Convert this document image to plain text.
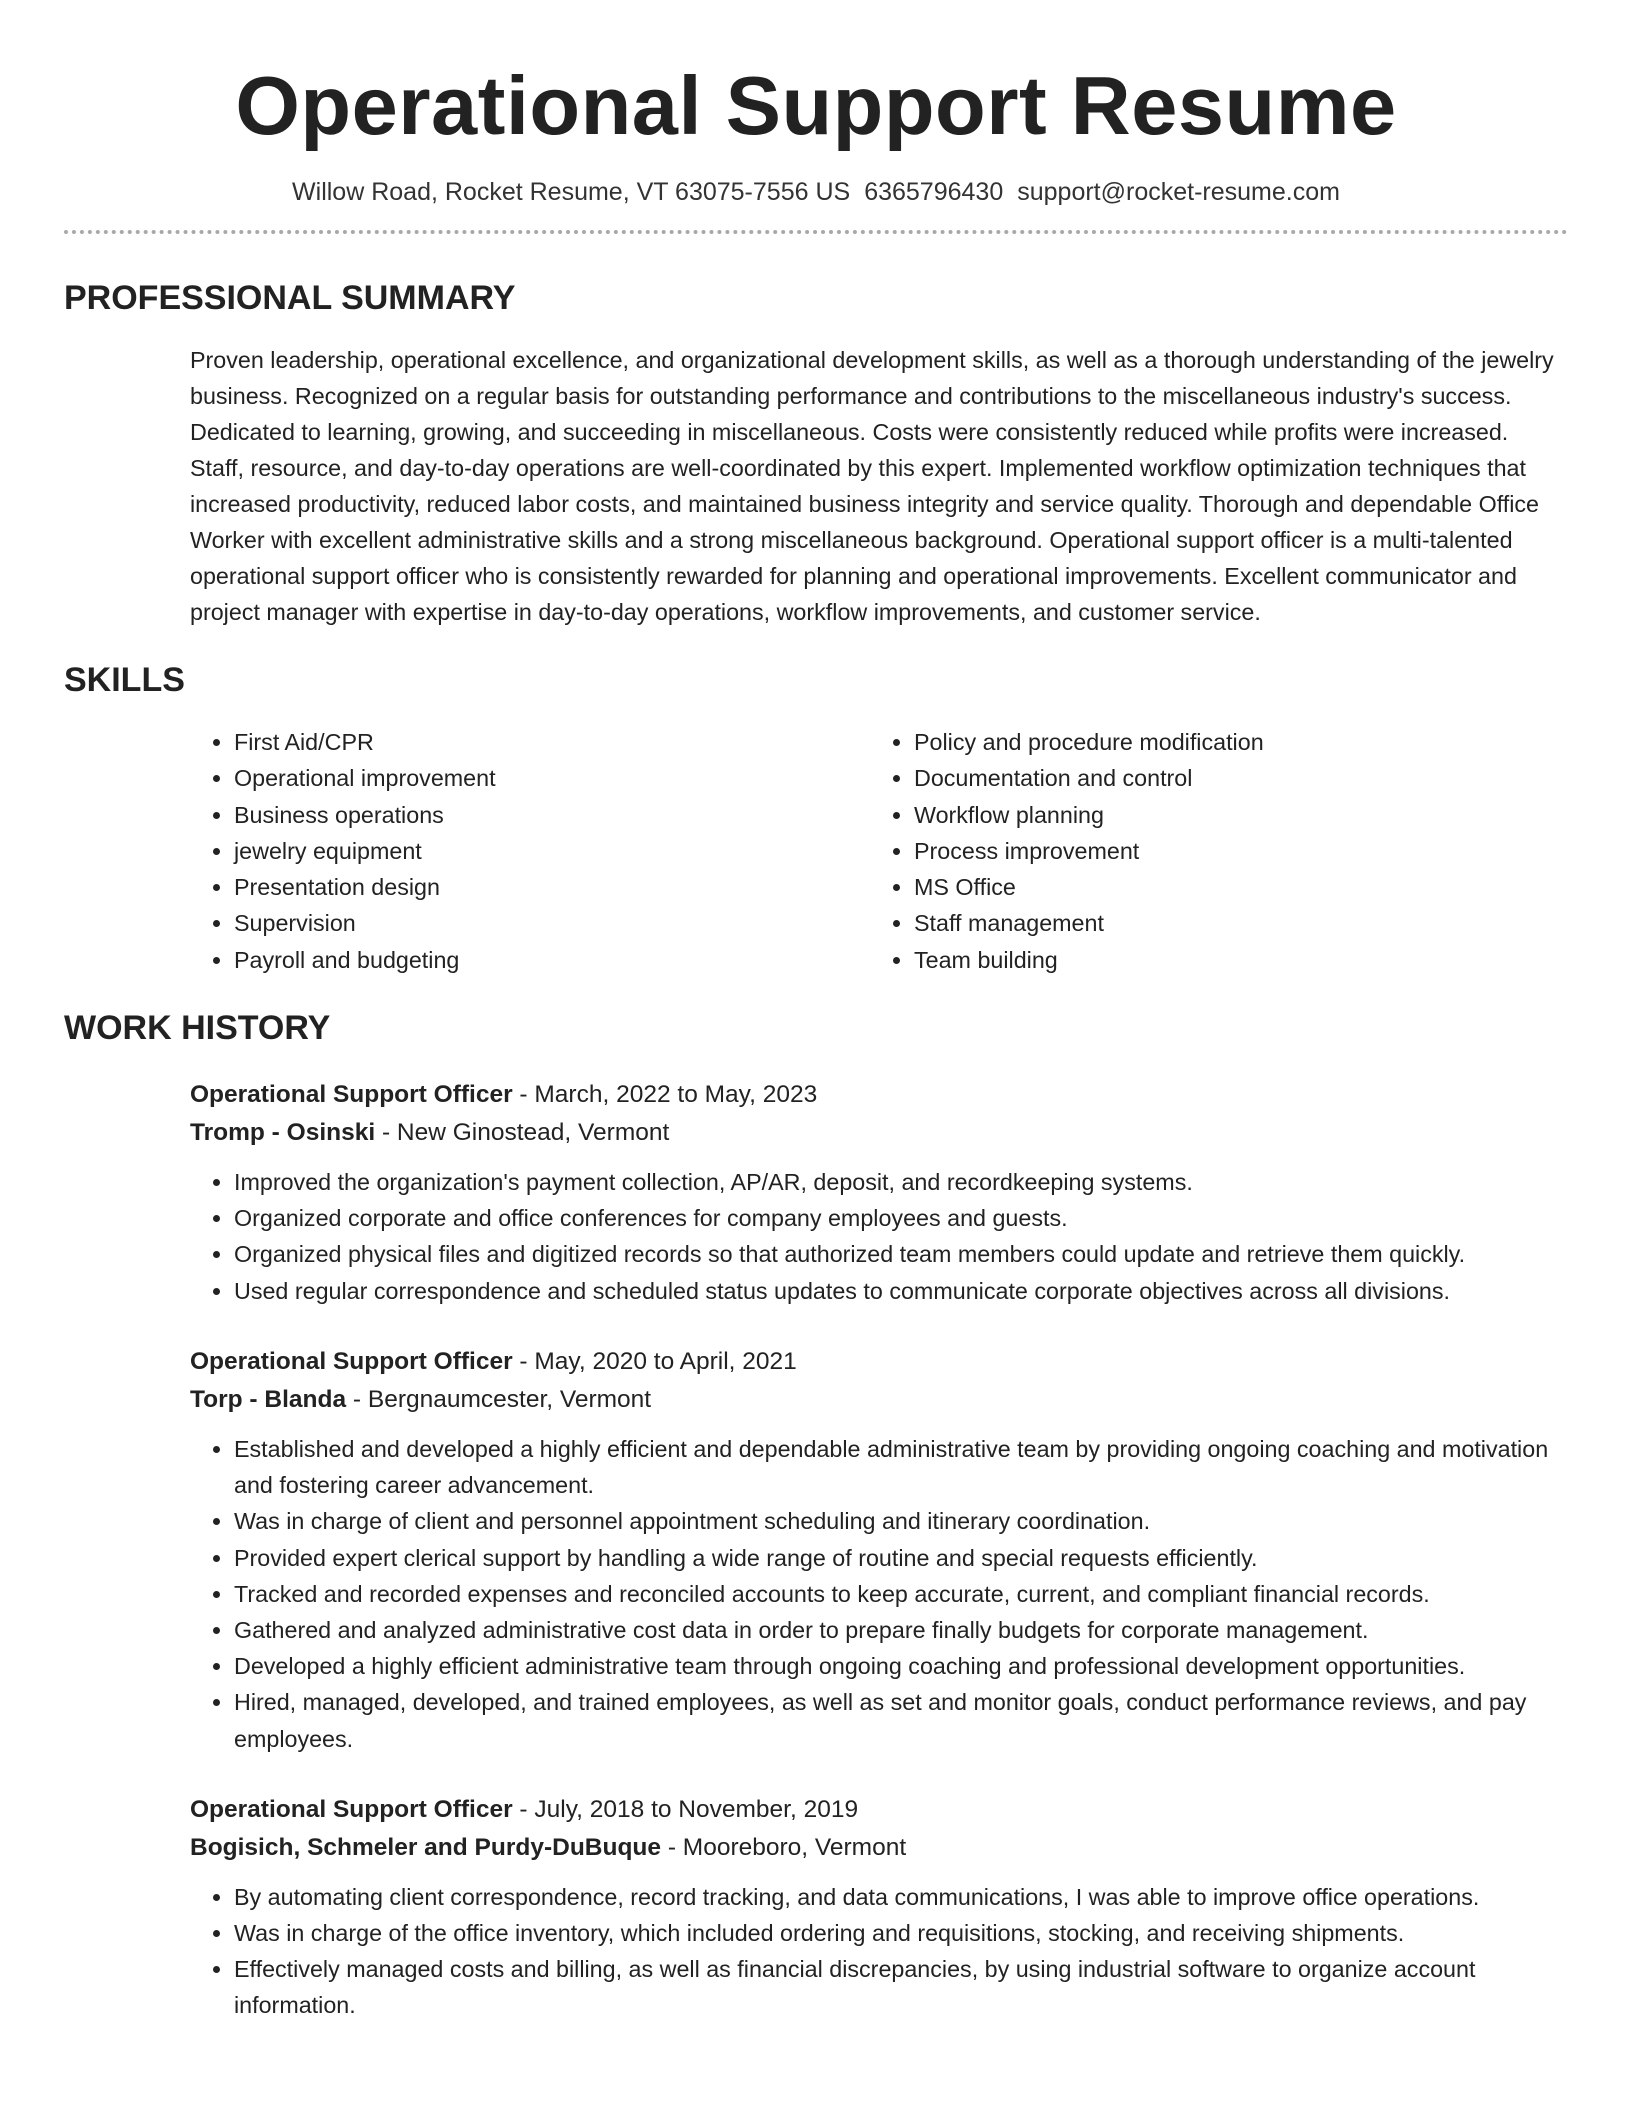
Operational Support Resume
Willow Road, Rocket Resume, VT 63075-7556 US 6365796430 support@rocket-resume.com
PROFESSIONAL SUMMARY

Proven leadership, operational excellence, and organizational development skills, as well as a thorough understanding of the jewelry business. Recognized on a regular basis for outstanding performance and contributions to the miscellaneous industry's success. Dedicated to learning, growing, and succeeding in miscellaneous. Costs were consistently reduced while profits were increased. Staff, resource, and day-to-day operations are well-coordinated by this expert. Implemented workflow optimization techniques that increased productivity, reduced labor costs, and maintained business integrity and service quality. Thorough and dependable Office Worker with excellent administrative skills and a strong miscellaneous background. Operational support officer is a multi-talented operational support officer who is consistently rewarded for planning and operational improvements. Excellent communicator and project manager with expertise in day-to-day operations, workflow improvements, and customer service.

SKILLS
• First Aid/CPR
• Operational improvement
• Business operations
• jewelry equipment
• Presentation design
• Supervision
• Payroll and budgeting
• Policy and procedure modification
• Documentation and control
• Workflow planning
• Process improvement
• MS Office
• Staff management
• Team building
WORK HISTORY
Operational Support Officer - March, 2022 to May, 2023
Tromp - Osinski - New Ginostead, Vermont
• Improved the organization's payment collection, AP/AR, deposit, and recordkeeping systems.
• Organized corporate and office conferences for company employees and guests.
• Organized physical files and digitized records so that authorized team members could update and retrieve them quickly.
• Used regular correspondence and scheduled status updates to communicate corporate objectives across all divisions.
Operational Support Officer - May, 2020 to April, 2021
Torp - Blanda - Bergnaumcester, Vermont
• Established and developed a highly efficient and dependable administrative team by providing ongoing coaching and motivation and fostering career advancement.
• Was in charge of client and personnel appointment scheduling and itinerary coordination.
• Provided expert clerical support by handling a wide range of routine and special requests efficiently.
• Tracked and recorded expenses and reconciled accounts to keep accurate, current, and compliant financial records.
• Gathered and analyzed administrative cost data in order to prepare finally budgets for corporate management.
• Developed a highly efficient administrative team through ongoing coaching and professional development opportunities.
• Hired, managed, developed, and trained employees, as well as set and monitor goals, conduct performance reviews, and pay employees.
Operational Support Officer - July, 2018 to November, 2019
Bogisich, Schmeler and Purdy-DuBuque - Mooreboro, Vermont
• By automating client correspondence, record tracking, and data communications, I was able to improve office operations.
• Was in charge of the office inventory, which included ordering and requisitions, stocking, and receiving shipments.
• Effectively managed costs and billing, as well as financial discrepancies, by using industrial software to organize account information.
